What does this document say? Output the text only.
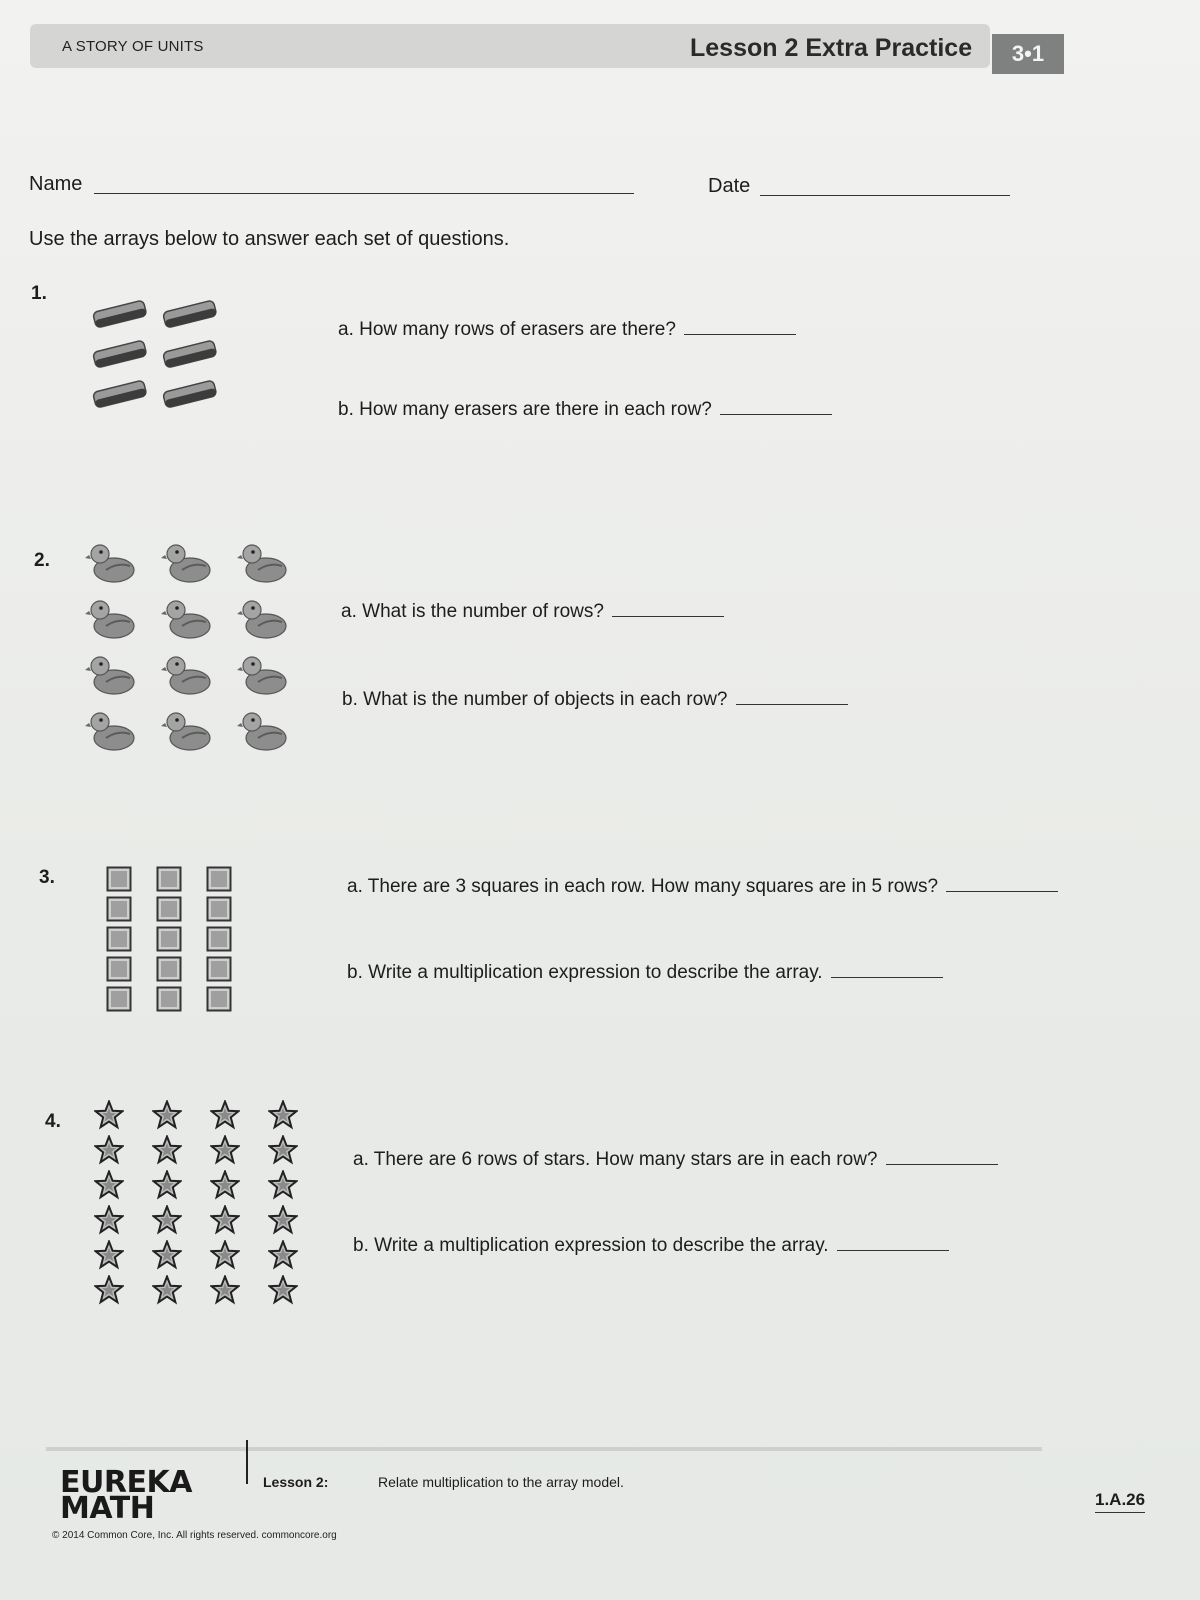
A STORY OF UNITS	Lesson 2 Extra Practice	3•1
Name	Date
Use the arrays below to answer each set of questions.
1.
a. How many rows of erasers are there?
b. How many erasers are there in each row?
2.
a. What is the number of rows?
b. What is the number of objects in each row?
3.	a. There are 3 squares in each row. How many squares are in 5 rows?
b. Write a multiplication expression to describe the array.
4.
a. There are 6 rows of stars. How many stars are in each row?
b. Write a multiplication expression to describe the array.
EUREKA
MATH
Lesson 2:	Relate multiplication to the array model.
© 2014 Common Core, Inc. All rights reserved. commoncore.org
1.A.26
